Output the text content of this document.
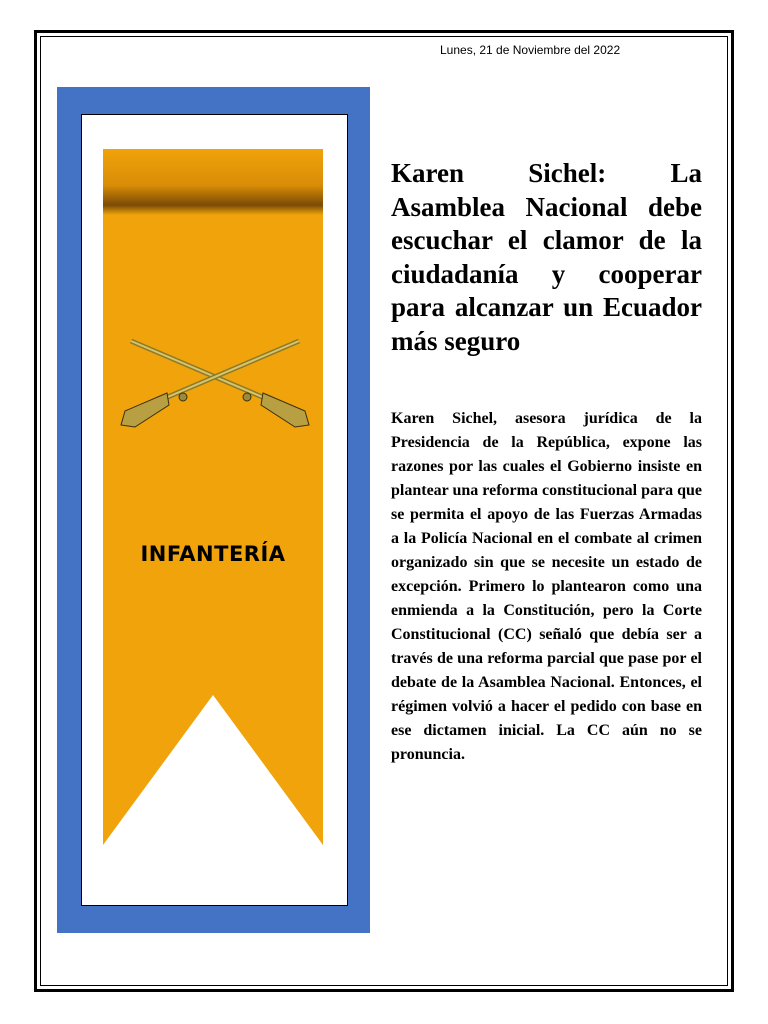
Lunes, 21 de Noviembre del 2022
INFANTERÍA
Karen Sichel: La Asamblea Nacional debe escuchar el clamor de la ciudadanía y cooperar para alcanzar un Ecuador más seguro

Karen Sichel, asesora jurídica de la Presidencia de la República, expone las razones por las cuales el Gobierno insiste en plantear una reforma constitucional para que se permita el apoyo de las Fuerzas Armadas a la Policía Nacional en el combate al crimen organizado sin que se necesite un estado de excepción. Primero lo plantearon como una enmienda a la Constitución, pero la Corte Constitucional (CC) señaló que debía ser a través de una reforma parcial que pase por el debate de la Asamblea Nacional. Entonces, el régimen volvió a hacer el pedido con base en ese dictamen inicial. La CC aún no se pronuncia.
